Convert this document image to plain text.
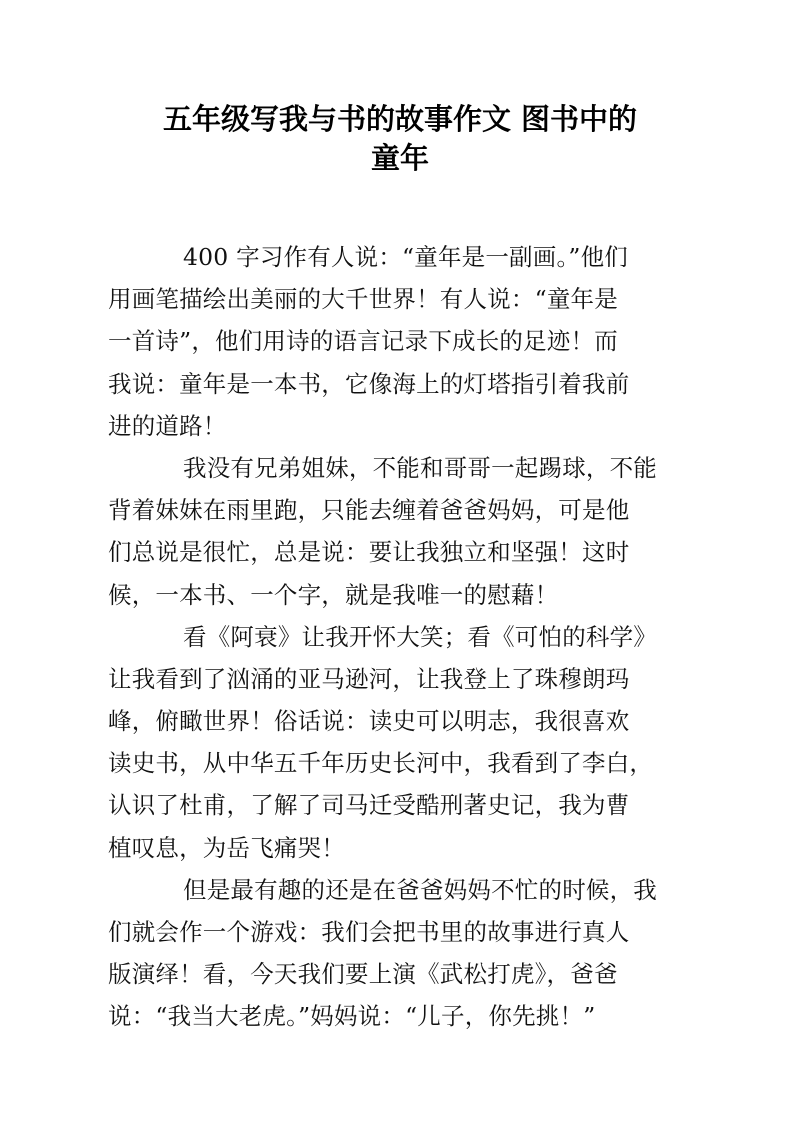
五年级写我与书的故事作文 图书中的
童年
400 字习作有人说：“童年是一副画。”他们
用画笔描绘出美丽的大千世界！有人说：“童年是
一首诗”，他们用诗的语言记录下成长的足迹！而
我说：童年是一本书，它像海上的灯塔指引着我前
进的道路！
我没有兄弟姐妹，不能和哥哥一起踢球，不能
背着妹妹在雨里跑，只能去缠着爸爸妈妈，可是他
们总说是很忙，总是说：要让我独立和坚强！这时
候，一本书、一个字，就是我唯一的慰藉！
看《阿衰》让我开怀大笑；看《可怕的科学》
让我看到了汹涌的亚马逊河，让我登上了珠穆朗玛
峰，俯瞰世界！俗话说：读史可以明志，我很喜欢
读史书，从中华五千年历史长河中，我看到了李白，
认识了杜甫，了解了司马迁受酷刑著史记，我为曹
植叹息，为岳飞痛哭！
但是最有趣的还是在爸爸妈妈不忙的时候，我
们就会作一个游戏：我们会把书里的故事进行真人
版演绎！看，今天我们要上演《武松打虎》，爸爸
说：“我当大老虎。”妈妈说：“儿子，你先挑！”
